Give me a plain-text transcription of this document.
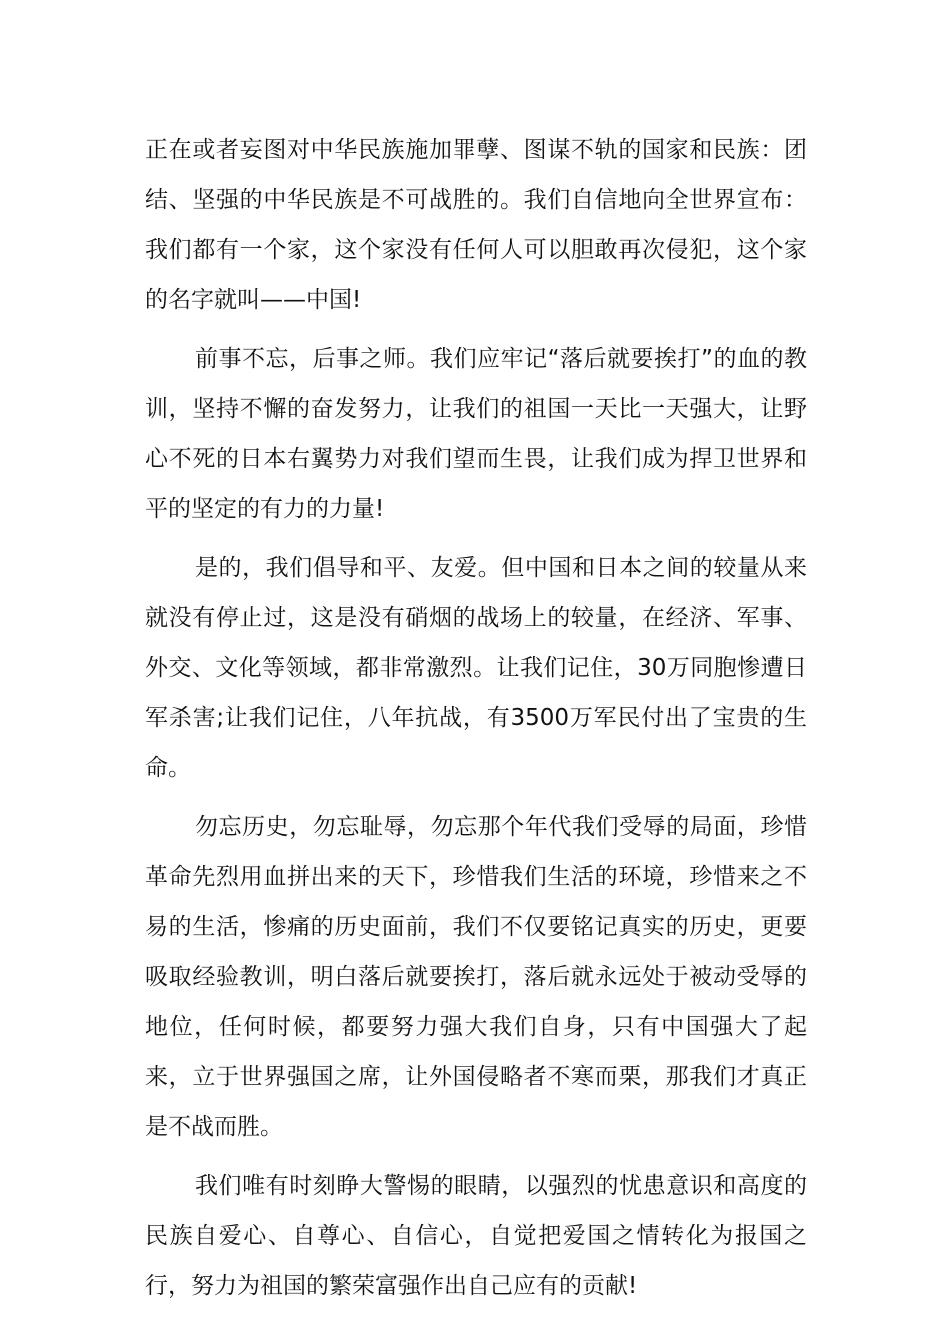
正在或者妄图对中华民族施加罪孽、图谋不轨的国家和民族：团结、坚强的中华民族是不可战胜的。我们自信地向全世界宣布：我们都有一个家，这个家没有任何人可以胆敢再次侵犯，这个家的名字就叫——中国!

前事不忘，后事之师。我们应牢记“落后就要挨打”的血的教训，坚持不懈的奋发努力，让我们的祖国一天比一天强大，让野心不死的日本右翼势力对我们望而生畏，让我们成为捍卫世界和平的坚定的有力的力量!

是的，我们倡导和平、友爱。但中国和日本之间的较量从来就没有停止过，这是没有硝烟的战场上的较量，在经济、军事、外交、文化等领域，都非常激烈。让我们记住，30万同胞惨遭日军杀害;让我们记住，八年抗战，有3500万军民付出了宝贵的生命。

勿忘历史，勿忘耻辱，勿忘那个年代我们受辱的局面，珍惜革命先烈用血拼出来的天下，珍惜我们生活的环境，珍惜来之不易的生活，惨痛的历史面前，我们不仅要铭记真实的历史，更要吸取经验教训，明白落后就要挨打，落后就永远处于被动受辱的地位，任何时候，都要努力强大我们自身，只有中国强大了起来，立于世界强国之席，让外国侵略者不寒而栗，那我们才真正是不战而胜。

我们唯有时刻睁大警惕的眼睛，以强烈的忧患意识和高度的民族自爱心、自尊心、自信心，自觉把爱国之情转化为报国之行，努力为祖国的繁荣富强作出自己应有的贡献!
